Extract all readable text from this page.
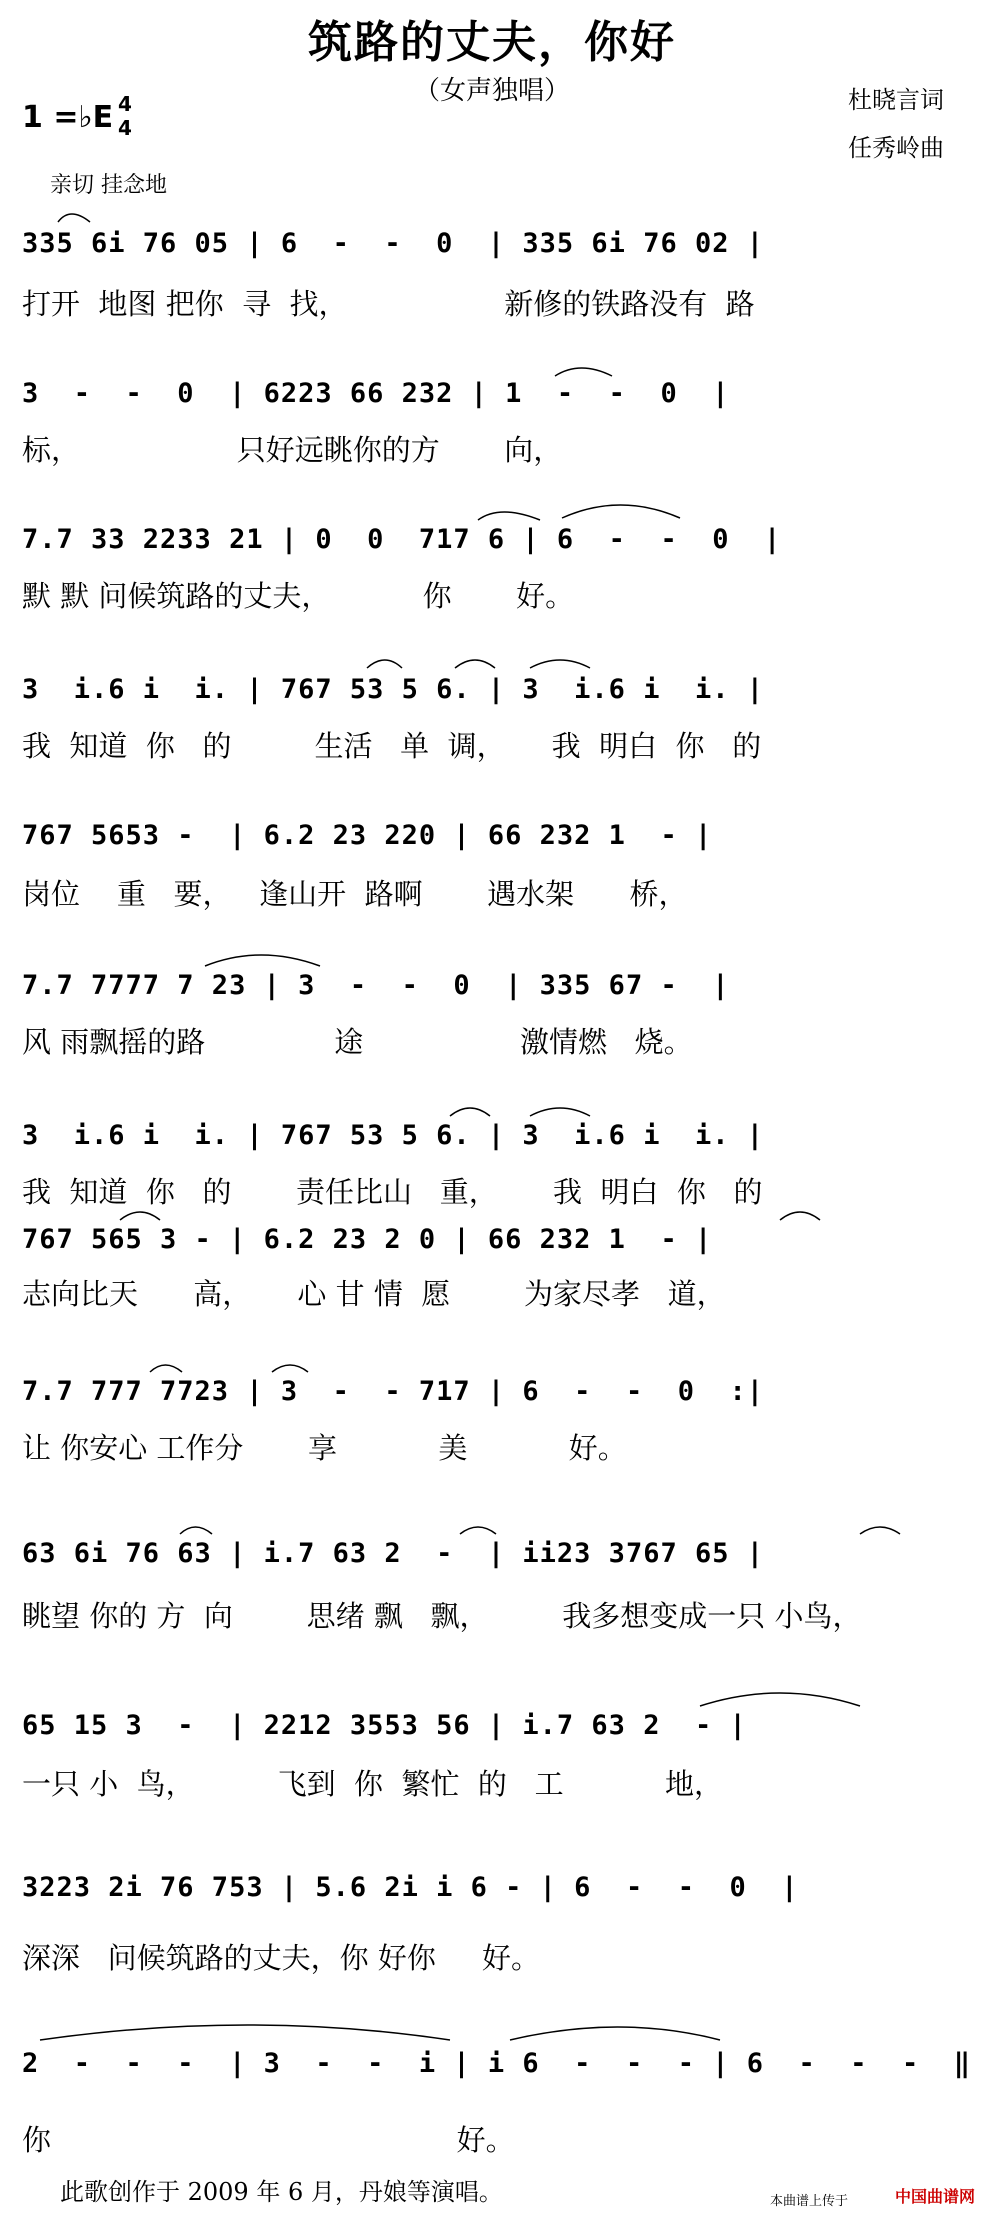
筑路的丈夫，你好
（女声独唱）	杜晓言词
任秀岭曲
1 =♭E 4
4
亲切 挂念地
335 6i 76 05 | 6  -  -  0  | 335 6i 76 02 |
打开  地图 把你  寻  找，                 新修的铁路没有  路
3  -  -  0  | 6223 66 232 | 1  -  -  0  |
标，                 只好远眺你的方       向，
7.7 33 2233 21 | 0  0  717 6 | 6  -  -  0  |
默 默 问候筑路的丈夫，          你       好。
3  i.6 i  i. | 767 53 5 6. | 3  i.6 i  i. |
我  知道  你   的         生活   单  调，     我  明白  你   的
767 5653 -  | 6.2 23 220 | 66 232 1  - |
岗位    重   要，   逢山开  路啊       遇水架      桥，
7.7 7777 7 23 | 3  -  -  0  | 335 67 -  |
风 雨飘摇的路              途                 激情燃   烧。
3  i.6 i  i. | 767 53 5 6. | 3  i.6 i  i. |
我  知道  你   的       责任比山   重，      我  明白  你   的
767 565 3 - | 6.2 23 2 0 | 66 232 1  - |
志向比天      高，     心 甘 情  愿        为家尽孝   道，
7.7 777 7723 | 3  -  - 717 | 6  -  -  0  :|
让 你安心 工作分       享           美           好。
63 6i 76 63 | i.7 63 2  -  | ii23 3767 65 |
眺望 你的 方  向        思绪 飘   飘，        我多想变成一只 小鸟，
65 15 3  -  | 2212 3553 56 | i.7 63 2  - |
一只 小  鸟，         飞到  你  繁忙  的   工           地，
3223 2i 76 753 | 5.6 2i i 6 - | 6  -  -  0  |
深深   问候筑路的丈夫，你 好你     好。
2  -  -  -  | 3  -  -  i | i 6  -  -  - | 6  -  -  -  ‖
你                                            好。
此歌创作于 2009 年 6 月，丹娘等演唱。	本曲谱上传于	中国曲谱网
